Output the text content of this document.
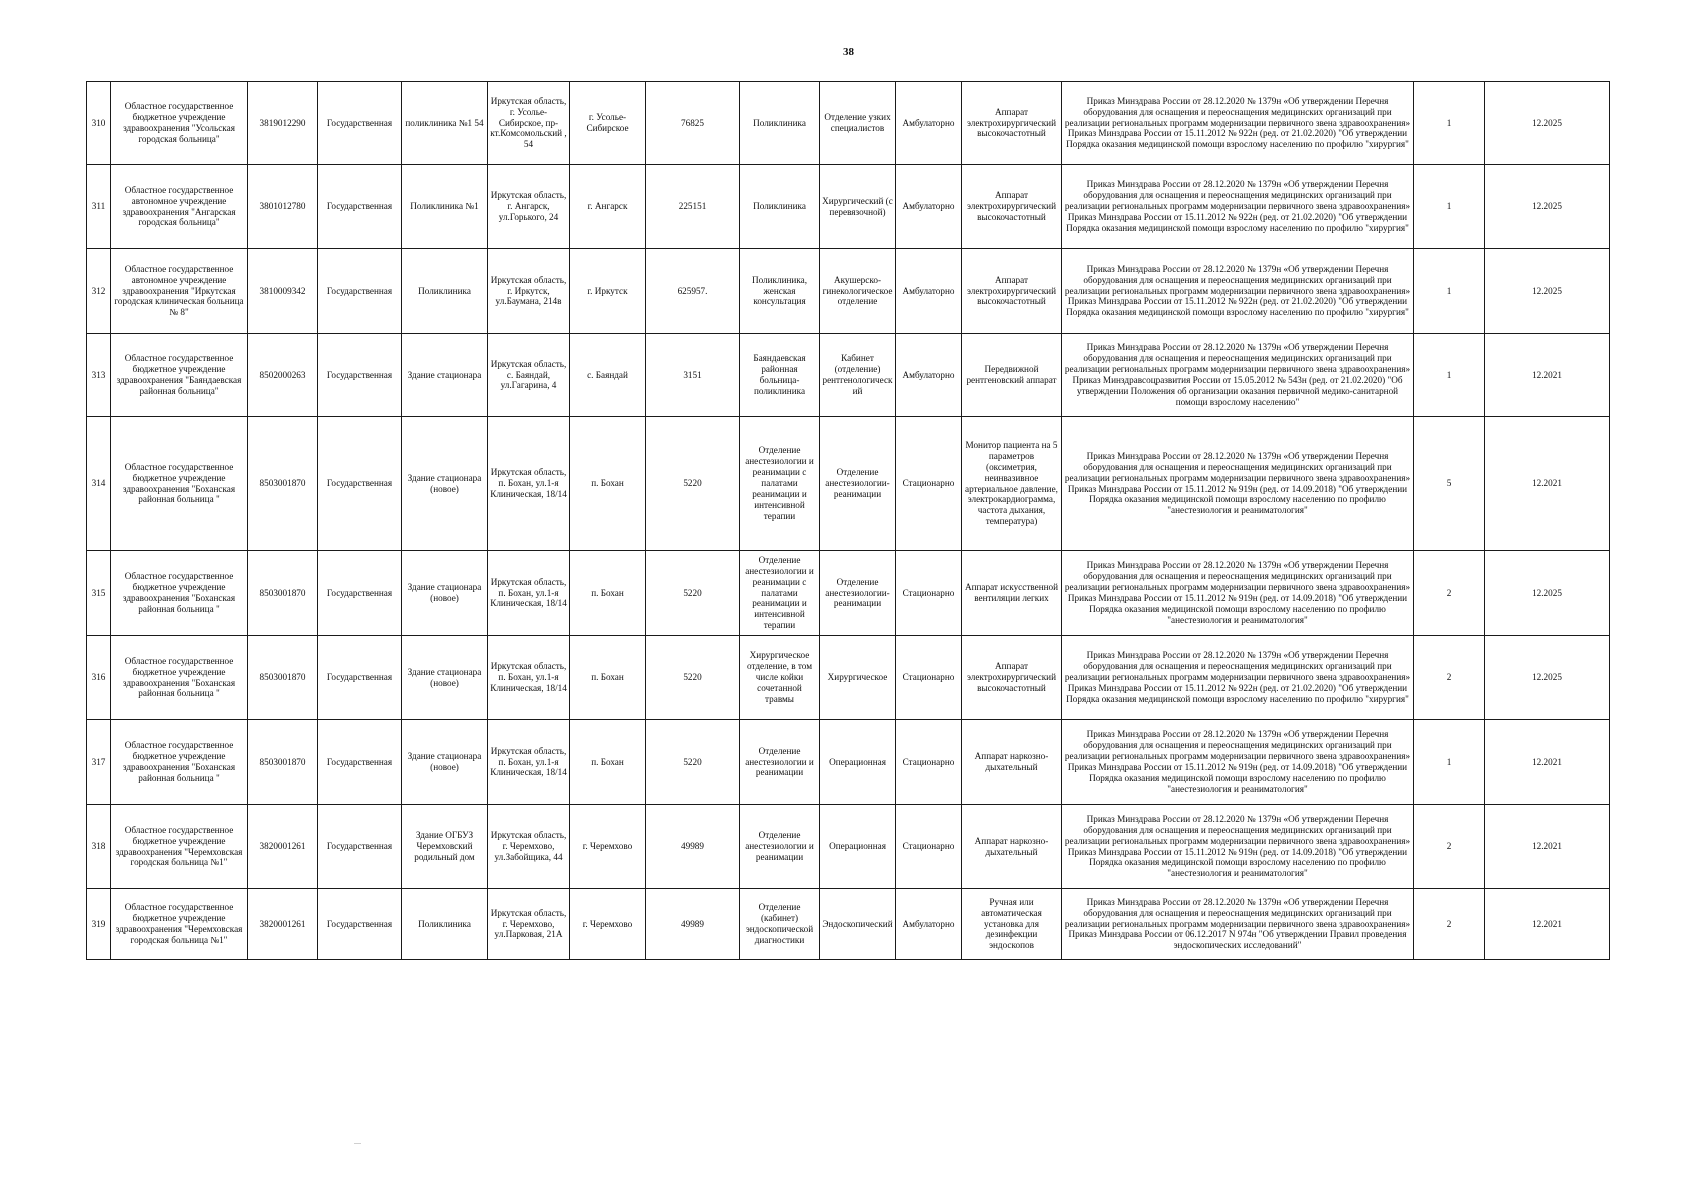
38
310	Областное государственное бюджетное учреждение здравоохранения "Усольская городская больница"	3819012290	Государственная	поликлиника №1 54	Иркутская область, г. Усолье-Сибирское, пр-кт.Комсомольский , 54	г. Усолье-Сибирское	76825	Поликлиника	Отделение узких специалистов	Амбулаторно	Аппарат электрохирургический высокочастотный	Приказ Минздрава России от 28.12.2020 № 1379н «Об утверждении Перечня оборудования для оснащения и переоснащения медицинских организаций при реализации региональных программ модернизации первичного звена здравоохранения» Приказ Минздрава России от 15.11.2012 № 922н (ред. от 21.02.2020) "Об утверждении Порядка оказания медицинской помощи взрослому населению по профилю "хирургия"	1	12.2025
311	Областное государственное автономное учреждение здравоохранения "Ангарская городская больница"	3801012780	Государственная	Поликлиника №1	Иркутская область, г. Ангарск, ул.Горького, 24	г. Ангарск	225151	Поликлиника	Хирургический (с перевязочной)	Амбулаторно	Аппарат электрохирургический высокочастотный	Приказ Минздрава России от 28.12.2020 № 1379н «Об утверждении Перечня оборудования для оснащения и переоснащения медицинских организаций при реализации региональных программ модернизации первичного звена здравоохранения» Приказ Минздрава России от 15.11.2012 № 922н (ред. от 21.02.2020) "Об утверждении Порядка оказания медицинской помощи взрослому населению по профилю "хирургия"	1	12.2025
312	Областное государственное автономное учреждение здравоохранения "Иркутская городская клиническая больница № 8"	3810009342	Государственная	Поликлиника	Иркутская область, г. Иркутск, ул.Баумана, 214в	г. Иркутск	625957.	Поликлиника, женская консультация	Акушерско-гинекологическое отделение	Амбулаторно	Аппарат электрохирургический высокочастотный	Приказ Минздрава России от 28.12.2020 № 1379н «Об утверждении Перечня оборудования для оснащения и переоснащения медицинских организаций при реализации региональных программ модернизации первичного звена здравоохранения» Приказ Минздрава России от 15.11.2012 № 922н (ред. от 21.02.2020) "Об утверждении Порядка оказания медицинской помощи взрослому населению по профилю "хирургия"	1	12.2025
313	Областное государственное бюджетное учреждение здравоохранения "Баяндаевская районная больница"	8502000263	Государственная	Здание стационара	Иркутская область, с. Баяндай, ул.Гагарина, 4	с. Баяндай	3151	Баяндаевская районная больница-поликлиника	Кабинет (отделение) рентгенологический	Амбулаторно	Передвижной рентгеновский аппарат	Приказ Минздрава России от 28.12.2020 № 1379н «Об утверждении Перечня оборудования для оснащения и переоснащения медицинских организаций при реализации региональных программ модернизации первичного звена здравоохранения» Приказ Минздравсоцразвития России от 15.05.2012 № 543н (ред. от 21.02.2020) "Об утверждении Положения об организации оказания первичной медико-санитарной помощи взрослому населению"	1	12.2021
314	Областное государственное бюджетное учреждение здравоохранения "Боханская районная больница "	8503001870	Государственная	Здание стационара (новое)	Иркутская область, п. Бохан, ул.1-я Клиническая, 18/14	п. Бохан	5220	Отделение анестезиологии и реанимации с палатами реанимации и интенсивной терапии	Отделение анестезиологии-реанимации	Стационарно	Монитор пациента на 5 параметров (оксиметрия, неинвазивное артериальное давление, электрокардиограмма, частота дыхания, температура)	Приказ Минздрава России от 28.12.2020 № 1379н «Об утверждении Перечня оборудования для оснащения и переоснащения медицинских организаций при реализации региональных программ модернизации первичного звена здравоохранения» Приказ Минздрава России от 15.11.2012 № 919н (ред. от 14.09.2018) "Об утверждении Порядка оказания медицинской помощи взрослому населению по профилю "анестезиология и реаниматология"	5	12.2021
315	Областное государственное бюджетное учреждение здравоохранения "Боханская районная больница "	8503001870	Государственная	Здание стационара (новое)	Иркутская область, п. Бохан, ул.1-я Клиническая, 18/14	п. Бохан	5220	Отделение анестезиологии и реанимации с палатами реанимации и интенсивной терапии	Отделение анестезиологии-реанимации	Стационарно	Аппарат искусственной вентиляции легких	Приказ Минздрава России от 28.12.2020 № 1379н «Об утверждении Перечня оборудования для оснащения и переоснащения медицинских организаций при реализации региональных программ модернизации первичного звена здравоохранения» Приказ Минздрава России от 15.11.2012 № 919н (ред. от 14.09.2018) "Об утверждении Порядка оказания медицинской помощи взрослому населению по профилю "анестезиология и реаниматология"	2	12.2025
316	Областное государственное бюджетное учреждение здравоохранения "Боханская районная больница "	8503001870	Государственная	Здание стационара (новое)	Иркутская область, п. Бохан, ул.1-я Клиническая, 18/14	п. Бохан	5220	Хирургическое отделение, в том числе койки сочетанной травмы	Хирургическое	Стационарно	Аппарат электрохирургический высокочастотный	Приказ Минздрава России от 28.12.2020 № 1379н «Об утверждении Перечня оборудования для оснащения и переоснащения медицинских организаций при реализации региональных программ модернизации первичного звена здравоохранения» Приказ Минздрава России от 15.11.2012 № 922н (ред. от 21.02.2020) "Об утверждении Порядка оказания медицинской помощи взрослому населению по профилю "хирургия"	2	12.2025
317	Областное государственное бюджетное учреждение здравоохранения "Боханская районная больница "	8503001870	Государственная	Здание стационара (новое)	Иркутская область, п. Бохан, ул.1-я Клиническая, 18/14	п. Бохан	5220	Отделение анестезиологии и реанимации	Операционная	Стационарно	Аппарат наркозно-дыхательный	Приказ Минздрава России от 28.12.2020 № 1379н «Об утверждении Перечня оборудования для оснащения и переоснащения медицинских организаций при реализации региональных программ модернизации первичного звена здравоохранения» Приказ Минздрава России от 15.11.2012 № 919н (ред. от 14.09.2018) "Об утверждении Порядка оказания медицинской помощи взрослому населению по профилю "анестезиология и реаниматология"	1	12.2021
318	Областное государственное бюджетное учреждение здравоохранения "Черемховская городская больница №1"	3820001261	Государственная	Здание ОГБУЗ Черемховский родильный дом	Иркутская область, г. Черемхово, ул.Забойщика, 44	г. Черемхово	49989	Отделение анестезиологии и реанимации	Операционная	Стационарно	Аппарат наркозно-дыхательный	Приказ Минздрава России от 28.12.2020 № 1379н «Об утверждении Перечня оборудования для оснащения и переоснащения медицинских организаций при реализации региональных программ модернизации первичного звена здравоохранения» Приказ Минздрава России от 15.11.2012 № 919н (ред. от 14.09.2018) "Об утверждении Порядка оказания медицинской помощи взрослому населению по профилю "анестезиология и реаниматология"	2	12.2021
319	Областное государственное бюджетное учреждение здравоохранения "Черемховская городская больница №1"	3820001261	Государственная	Поликлиника	Иркутская область, г. Черемхово, ул.Парковая, 21А	г. Черемхово	49989	Отделение (кабинет) эндоскопической диагностики	Эндоскопический	Амбулаторно	Ручная или автоматическая установка для дезинфекции эндоскопов	Приказ Минздрава России от 28.12.2020 № 1379н «Об утверждении Перечня оборудования для оснащения и переоснащения медицинских организаций при реализации региональных программ модернизации первичного звена здравоохранения» Приказ Минздрава России от 06.12.2017 N 974н "Об утверждении Правил проведения эндоскопических исследований"	2	12.2021
